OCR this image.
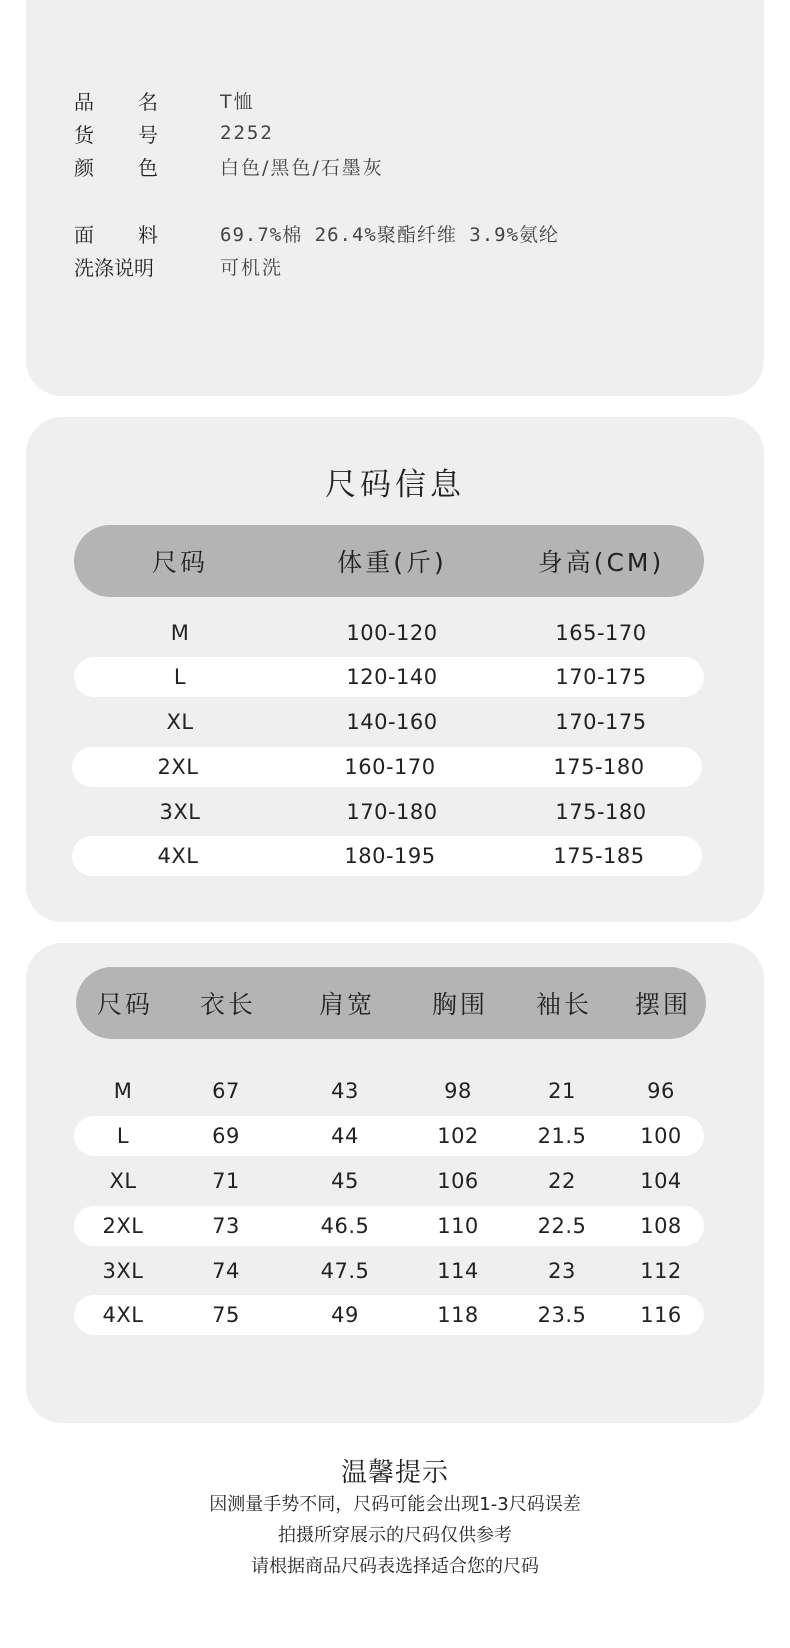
品 名	T恤
货 号	2252
颜 色	白色/黑色/石墨灰
面 料	69.7%棉 26.4%聚酯纤维 3.9%氨纶
洗涤说明	可机洗
尺码信息
尺码	体重(斤)	身高(CM)
M	100-120	165-170
L	120-140	170-175
XL	140-160	170-175
2XL	160-170	175-180
3XL	170-180	175-180
4XL	180-195	175-185
尺码	衣长	肩宽	胸围	袖长	摆围
M	67	43	98	21	96
L	69	44	102	21.5	100
XL	71	45	106	22	104
2XL	73	46.5	110	22.5	108
3XL	74	47.5	114	23	112
4XL	75	49	118	23.5	116
温馨提示
因测量手势不同，尺码可能会出现1-3尺码误差
拍摄所穿展示的尺码仅供参考
请根据商品尺码表选择适合您的尺码
